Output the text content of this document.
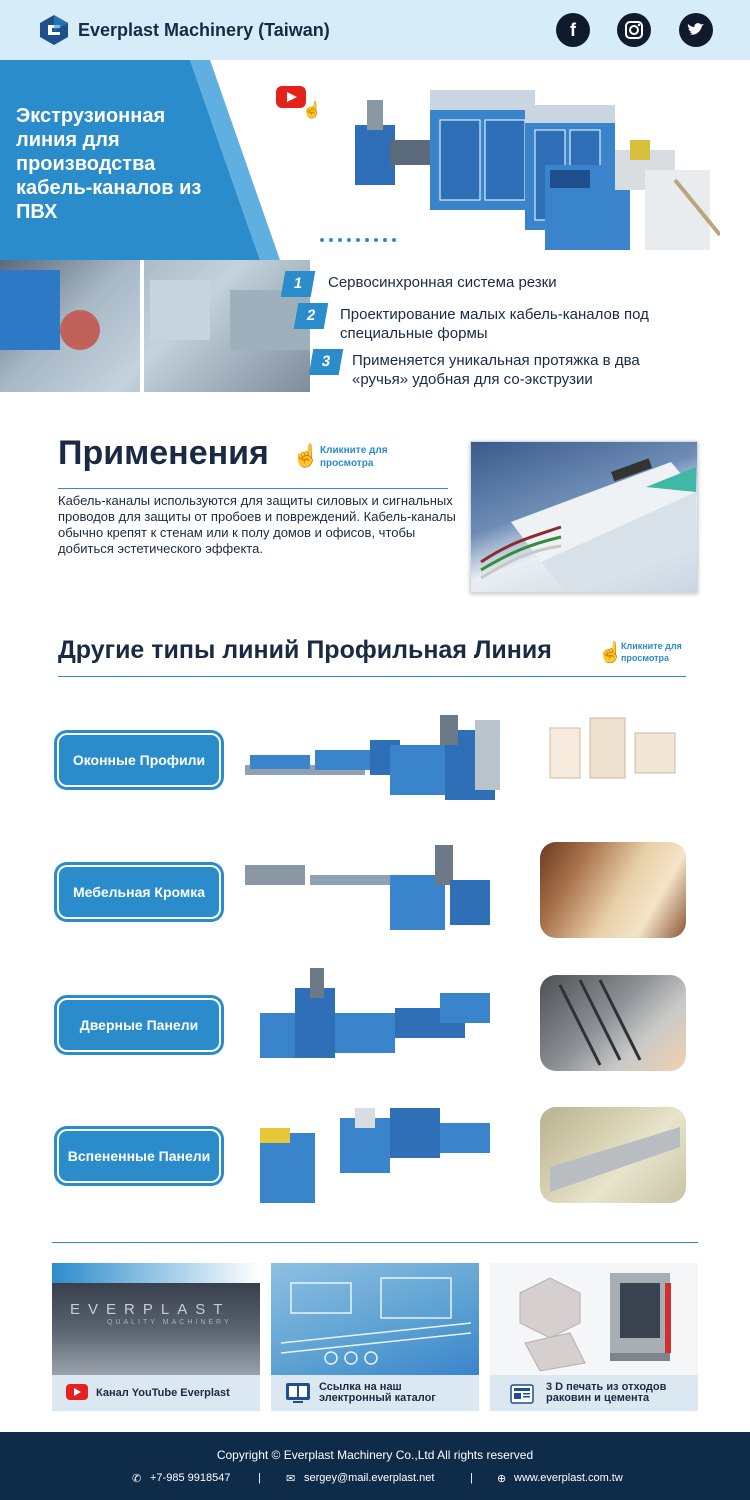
Everplast Machinery (Taiwan)	f
Экструзионная линия для производства кабель-каналов из ПВХ
☝
1	Сервосинхронная система резки
2	Проектирование малых кабель-каналов под специальные формы
3	Применяется уникальная протяжка в два «ручья» удобная для со-экструзии
Применения ☝ Кликните для просмотра
Кабель-каналы используются для защиты силовых и сигнальных проводов для защиты от пробоев и повреждений. Кабель-каналы обычно крепят к стенам или к полу домов и офисов, чтобы добиться эстетического эффекта.
Другие типы линий Профильная Линия ☝
Кликните для просмотра
Оконные Профили
Мебельная Кромка
Дверные Панели
Вспененные Панели
EVERPLAST
QUALITY MACHINERY
Канал YouTube Everplast	Ссылка на наш электронный каталог
3 D печать из отходов раковин и цемента
Copyright © Everplast Machinery Co.,Ltd All rights reserved
✆ +7-985 9918547	| ✉ sergey@mail.everplast.net	| ⊕ www.everplast.com.tw
